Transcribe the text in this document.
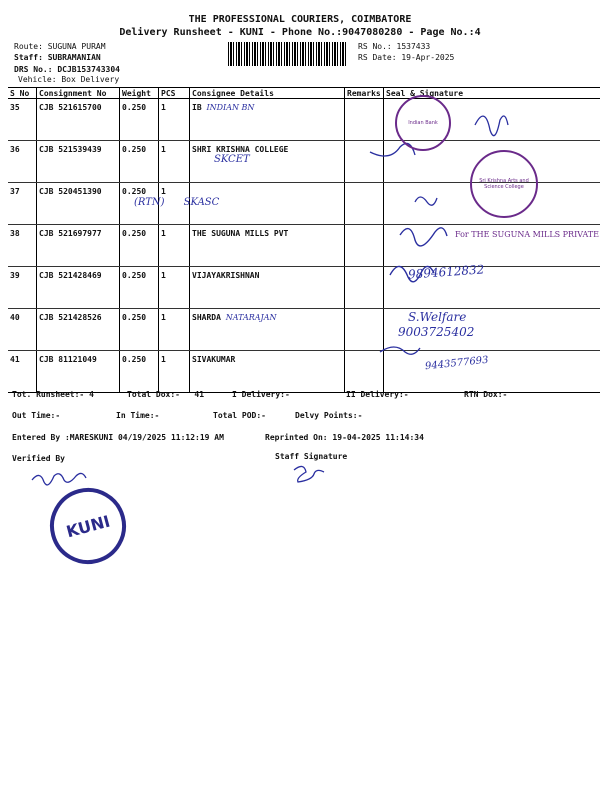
THE PROFESSIONAL COURIERS, COIMBATORE
Delivery Runsheet - KUNI - Phone No.:9047080280 - Page No.:4
Route: SUGUNA PURAM
Staff: SUBRAMANIAN
DRS No.: DCJB153743304
Vehicle: Box Delivery
RS No.: 1537433
RS Date: 19-Apr-2025
S No	Consignment No	Weight	PCS	Consignee Details	Remarks	Seal & Signature
35	CJB 521615700	0.250	1	IB INDIAN BN		
36	CJB 521539439	0.250	1	SHRI KRISHNA COLLEGE
SKCET		

37	CJB 520451390	0.250	1	(RTN)      SKASC		

38	CJB 521697977	0.250	1	THE SUGUNA MILLS PVT		
39	CJB 521428469	0.250	1	VIJAYAKRISHNAN		
40	CJB 521428526	0.250	1	SHARDA NATARAJAN		
41	CJB 81121049	0.250	1	SIVAKUMAR		
For THE SUGUNA MILLS PRIVATE
9894612832
S.Welfare
9003725402
9443577693
Indian Bank
Sri Krishna Arts and Science College
Tot. Runsheet:- 4	Total Dox:-   41	I Delivery:-	II Delivery:-	RTN Dox:-
Out Time:-	In Time:-	Total POD:-	Delvy Points:-
Entered By :MARESKUNI 04/19/2025 11:12:19 AM	Reprinted On: 19-04-2025 11:14:34
Verified By	Staff Signature
KUNI
